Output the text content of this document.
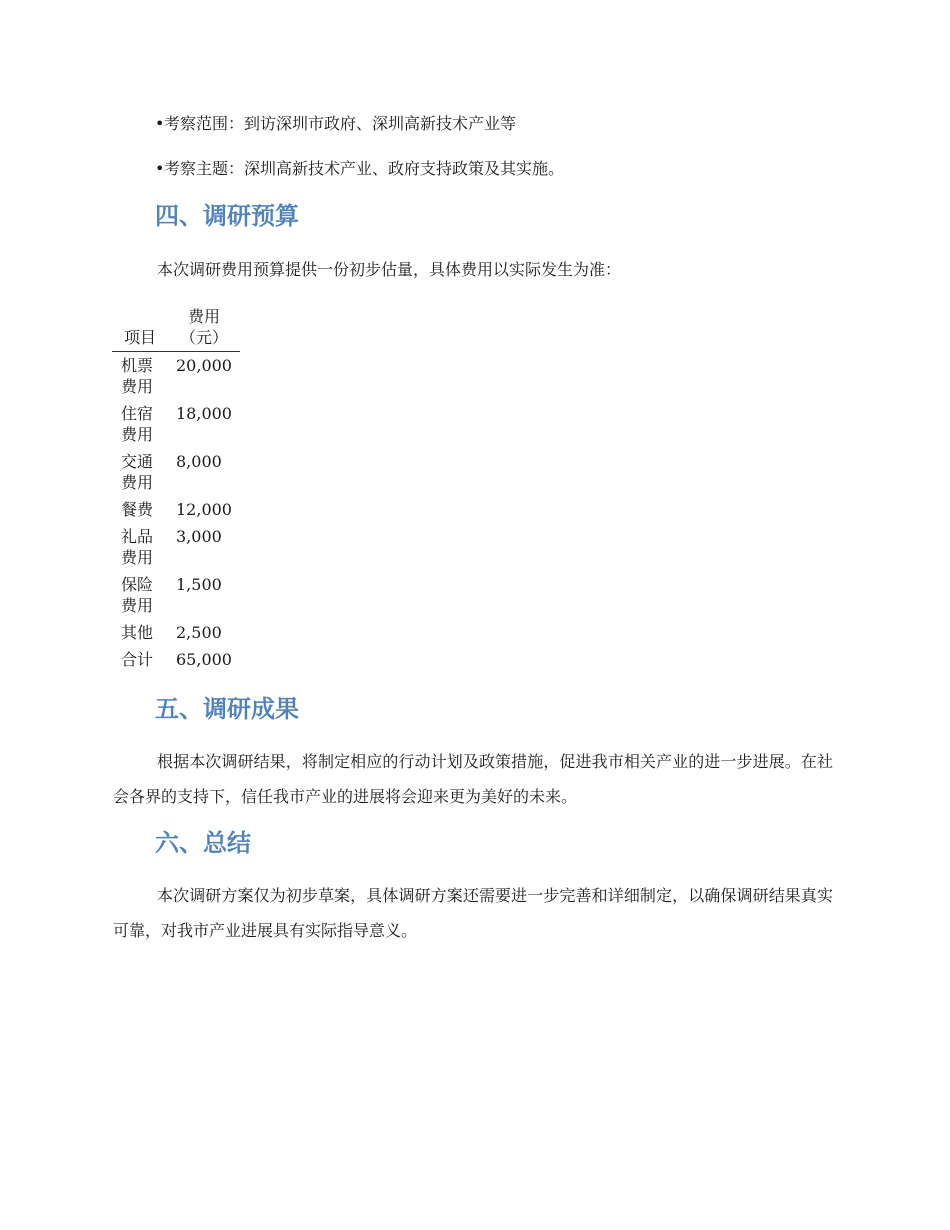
•考察范围：到访深圳市政府、深圳高新技术产业等
•考察主题：深圳高新技术产业、政府支持政策及其实施。
四、调研预算
本次调研费用预算提供一份初步估量，具体费用以实际发生为准：
项目	费用（元）
机票费用	20,000
住宿费用	18,000
交通费用	8,000
餐费	12,000
礼品费用	3,000
保险费用	1,500
其他	2,500
合计	65,000
五、调研成果
根据本次调研结果，将制定相应的行动计划及政策措施，促进我市相关产业的进一步进展。在社会各界的支持下，信任我市产业的进展将会迎来更为美好的未来。
六、总结
本次调研方案仅为初步草案，具体调研方案还需要进一步完善和详细制定，以确保调研结果真实可靠，对我市产业进展具有实际指导意义。
